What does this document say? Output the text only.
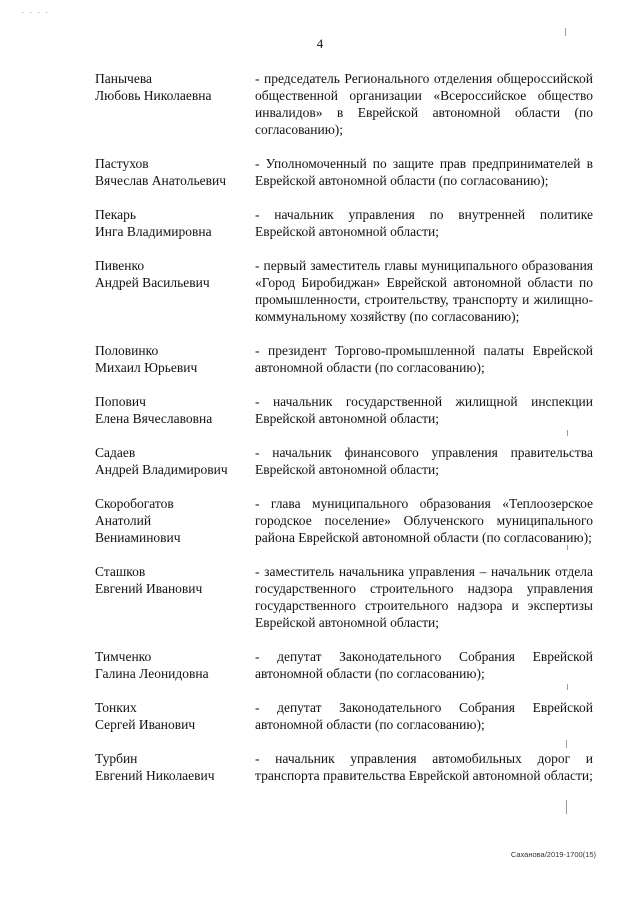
. . . .
4
Панычева
Любовь Николаевна
- председатель Регионального отделения общероссийской общественной организации «Всероссийское общество инвалидов» в Еврейской автономной области (по согласованию);
Пастухов
Вячеслав Анатольевич
- Уполномоченный по защите прав предпринимателей в Еврейской автономной области (по согласованию);
Пекарь
Инга Владимировна
- начальник управления по внутренней политике Еврейской автономной области;
Пивенко
Андрей Васильевич
- первый заместитель главы муниципального образования «Город Биробиджан» Еврейской автономной области по промышленности, строительству, транспорту и жилищно-коммунальному хозяйству (по согласованию);
Половинко
Михаил Юрьевич
- президент Торгово-промышленной палаты Еврейской автономной области (по согласованию);
Попович
Елена Вячеславовна
- начальник государственной жилищной инспекции Еврейской автономной области;
Садаев
Андрей Владимирович
- начальник финансового управления правительства Еврейской автономной области;
Скоробогатов
Анатолий
Вениаминович
- глава муниципального образования «Теплоозерское городское поселение» Облученского муниципального района Еврейской автономной области (по согласованию);
Сташков
Евгений Иванович
- заместитель начальника управления – начальник отдела государственного строительного надзора управления государственного строительного надзора и экспертизы Еврейской автономной области;
Тимченко
Галина Леонидовна
- депутат Законодательного Собрания Еврейской автономной области (по согласованию);
Тонких
Сергей Иванович
- депутат Законодательного Собрания Еврейской автономной области (по согласованию);
Турбин
Евгений Николаевич
- начальник управления автомобильных дорог и транспорта правительства Еврейской автономной области;
Саханова/2019-1700(15)
